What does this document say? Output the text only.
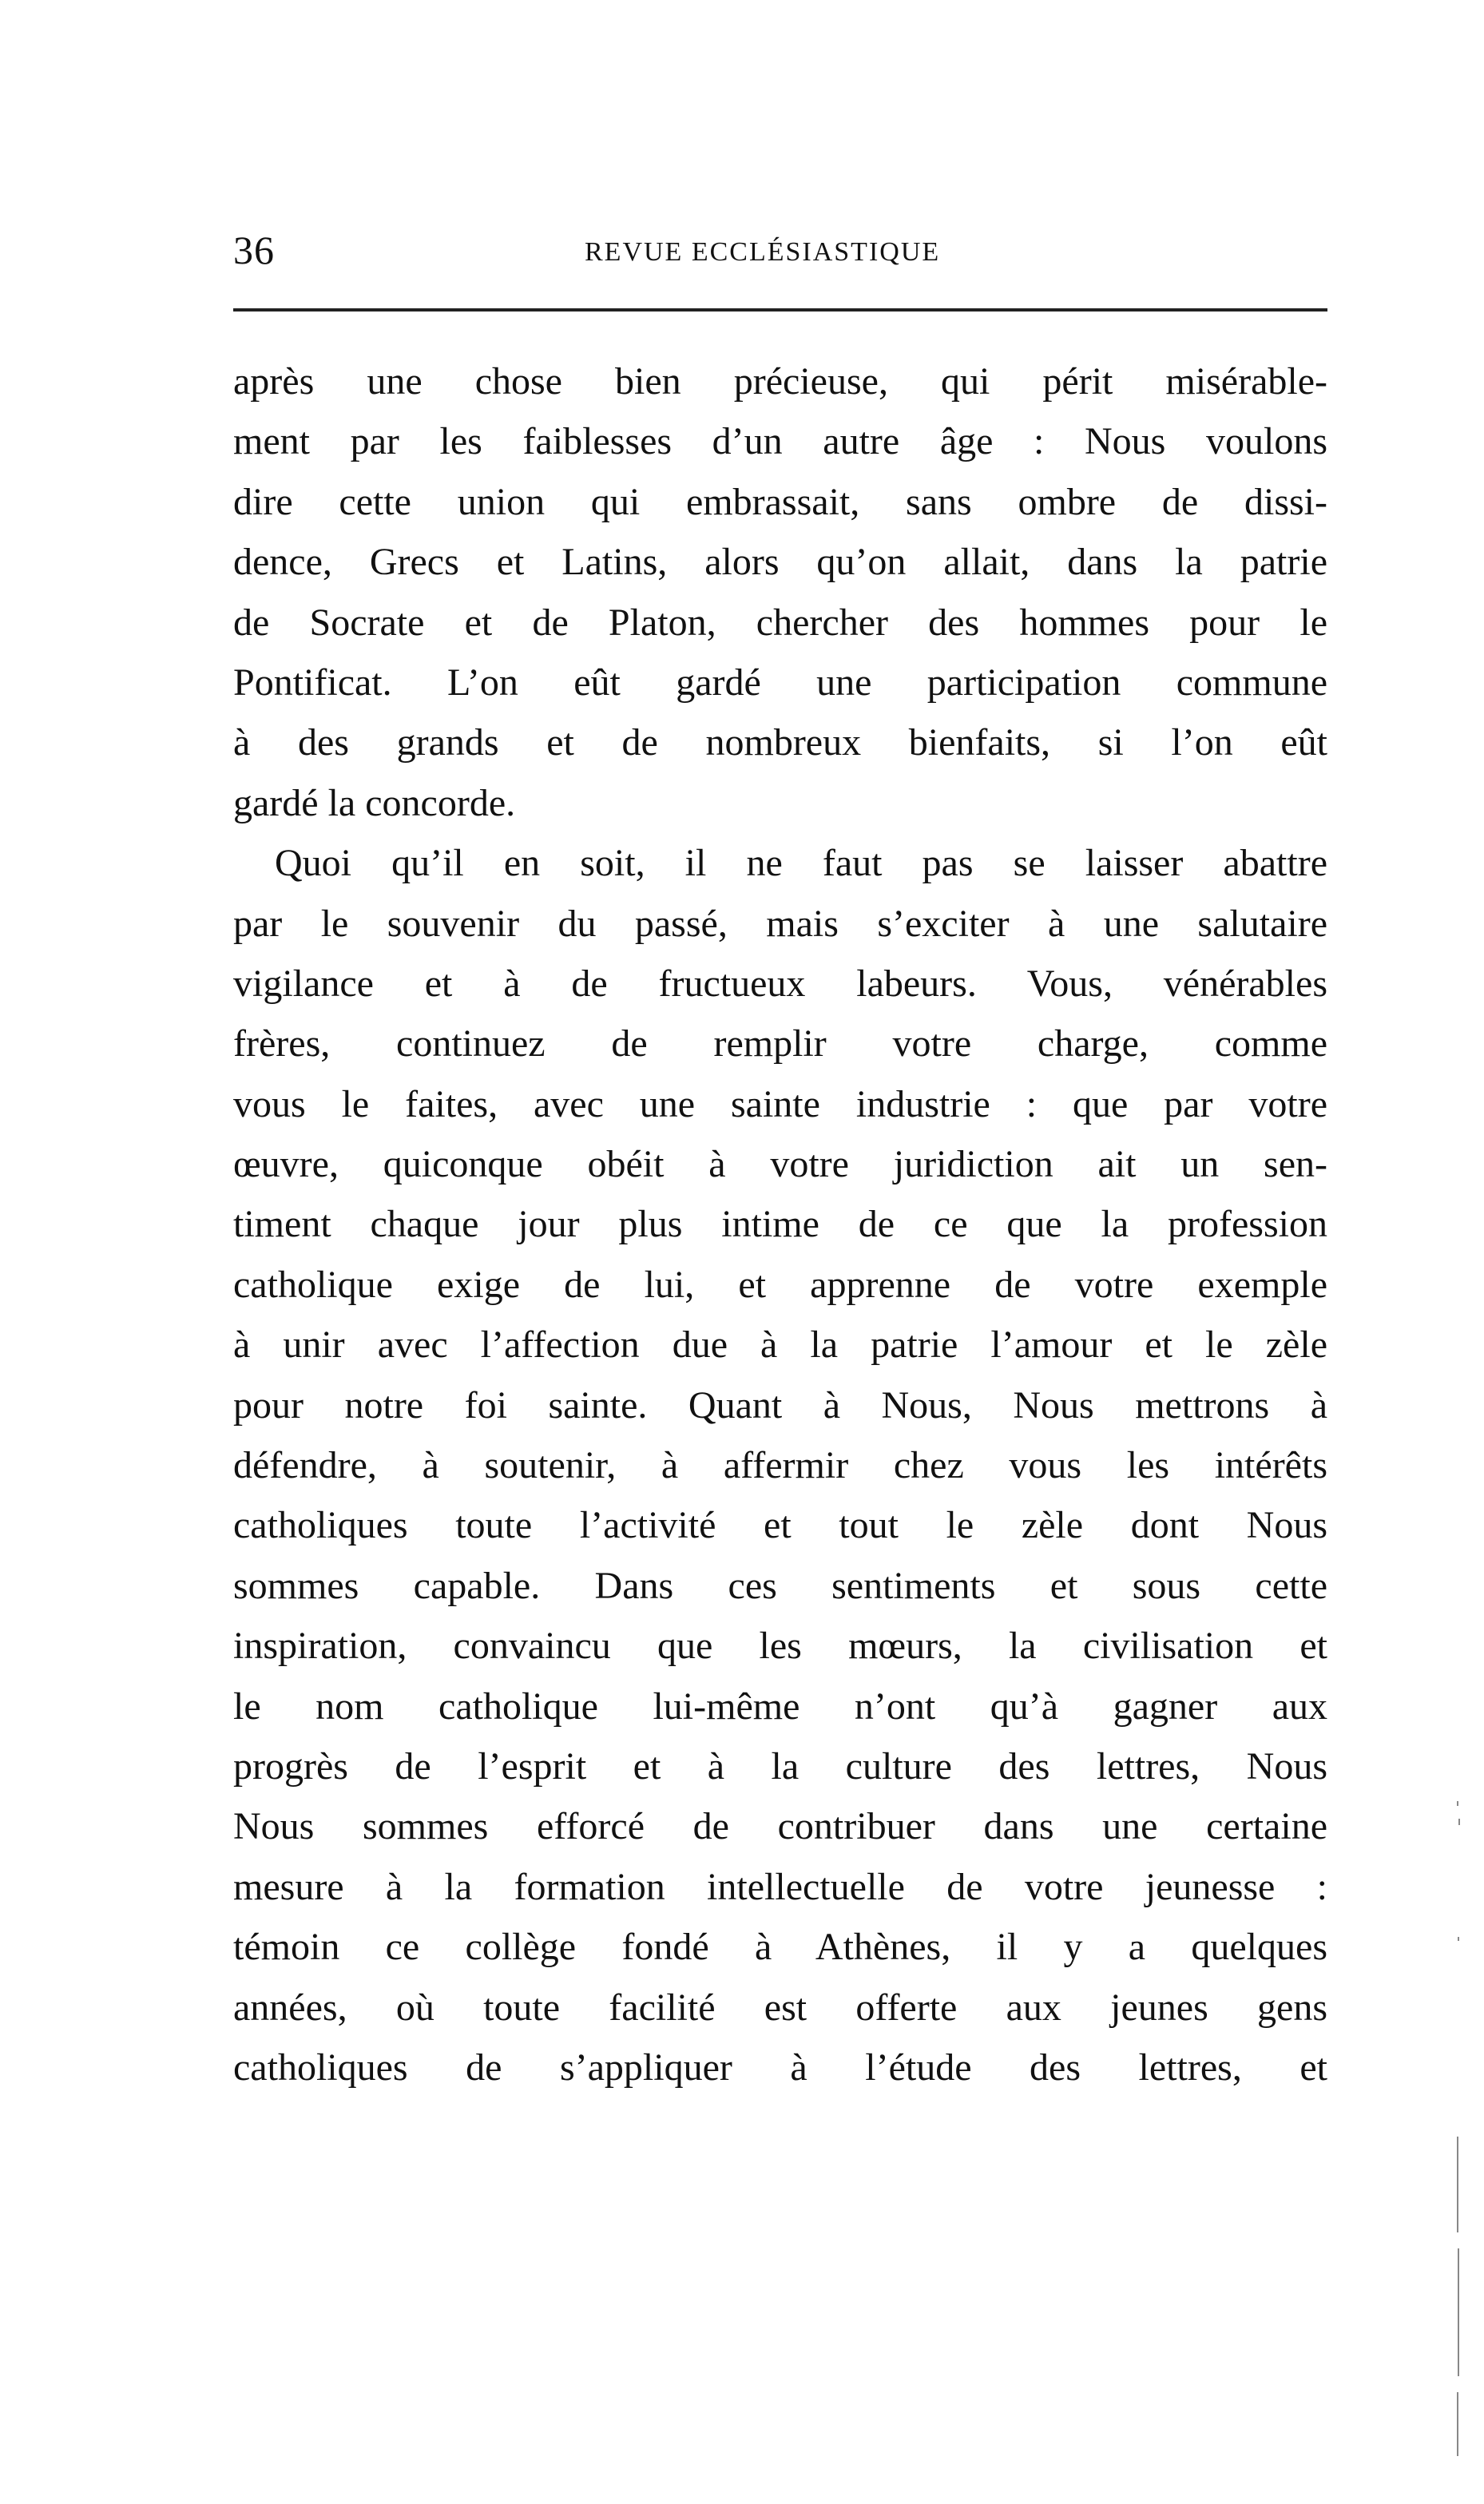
36	REVUE ECCLÉSIASTIQUE
après une chose bien précieuse, qui périt misérable-
ment par les faiblesses d’un autre âge : Nous voulons
dire cette union qui embrassait, sans ombre de dissi-
dence, Grecs et Latins, alors qu’on allait, dans la patrie
de Socrate et de Platon, chercher des hommes pour le
Pontificat. L’on eût gardé une participation commune
à des grands et de nombreux bienfaits, si l’on eût
gardé la concorde.
Quoi qu’il en soit, il ne faut pas se laisser abattre
par le souvenir du passé, mais s’exciter à une salutaire
vigilance et à de fructueux labeurs. Vous, vénérables
frères, continuez de remplir votre charge, comme
vous le faites, avec une sainte industrie : que par votre
œuvre, quiconque obéit à votre juridiction ait un sen-
timent chaque jour plus intime de ce que la profession
catholique exige de lui, et apprenne de votre exemple
à unir avec l’affection due à la patrie l’amour et le zèle
pour notre foi sainte. Quant à Nous, Nous mettrons à
défendre, à soutenir, à affermir chez vous les intérêts
catholiques toute l’activité et tout le zèle dont Nous
sommes capable. Dans ces sentiments et sous cette
inspiration, convaincu que les mœurs, la civilisation et
le nom catholique lui-même n’ont qu’à gagner aux
progrès de l’esprit et à la culture des lettres, Nous
Nous sommes efforcé de contribuer dans une certaine
mesure à la formation intellectuelle de votre jeunesse :
témoin ce collège fondé à Athènes, il y a quelques
années, où toute facilité est offerte aux jeunes gens
catholiques de s’appliquer à l’étude des lettres, et
